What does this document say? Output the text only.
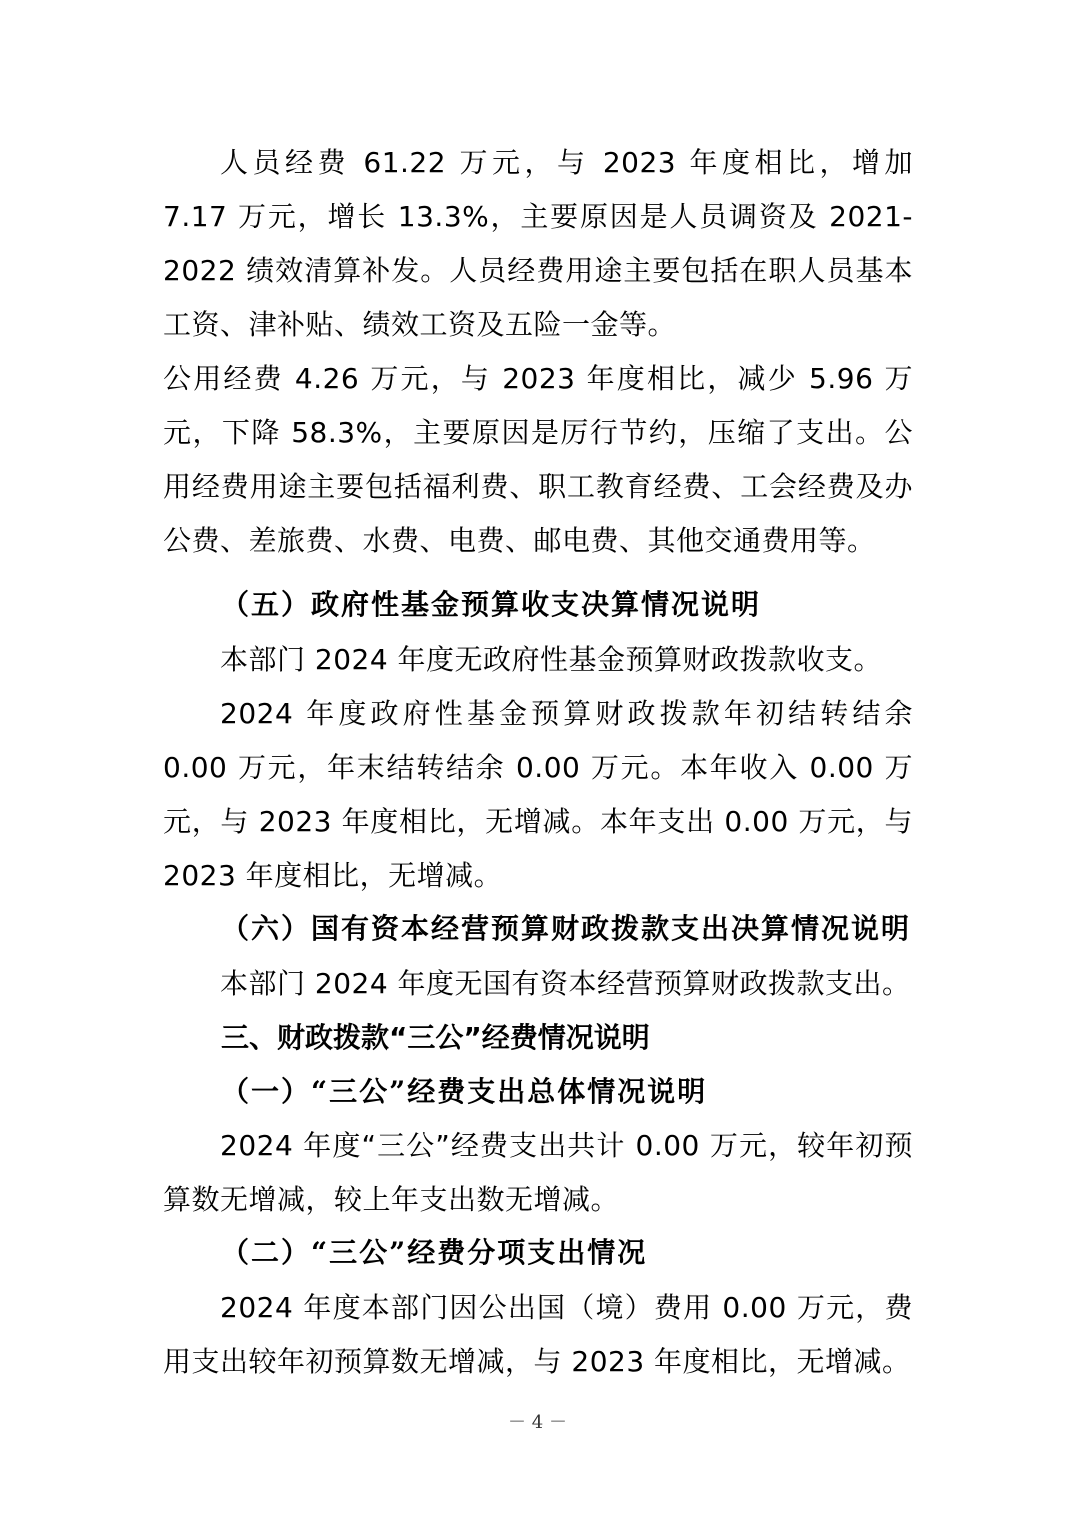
人员经费 61.22 万元，与 2023 年度相比，增加 7.17 万元，增长 13.3%，主要原因是人员调资及 2021-2022 绩效清算补发。人员经费用途主要包括在职人员基本工资、津补贴、绩效工资及五险一金等。

公用经费 4.26 万元，与 2023 年度相比，减少 5.96 万元，下降 58.3%，主要原因是厉行节约，压缩了支出。公用经费用途主要包括福利费、职工教育经费、工会经费及办公费、差旅费、水费、电费、邮电费、其他交通费用等。

（五）政府性基金预算收支决算情况说明

本部门 2024 年度无政府性基金预算财政拨款收支。

2024 年度政府性基金预算财政拨款年初结转结余 0.00 万元，年末结转结余 0.00 万元。本年收入 0.00 万元，与 2023 年度相比，无增减。本年支出 0.00 万元，与 2023 年度相比，无增减。

（六）国有资本经营预算财政拨款支出决算情况说明

本部门 2024 年度无国有资本经营预算财政拨款支出。

三、财政拨款“三公”经费情况说明

（一）“三公”经费支出总体情况说明

2024 年度“三公”经费支出共计 0.00 万元，较年初预算数无增减，较上年支出数无增减。

（二）“三公”经费分项支出情况

2024 年度本部门因公出国（境）费用 0.00 万元，费用支出较年初预算数无增减，与 2023 年度相比，无增减。

－ 4 －
